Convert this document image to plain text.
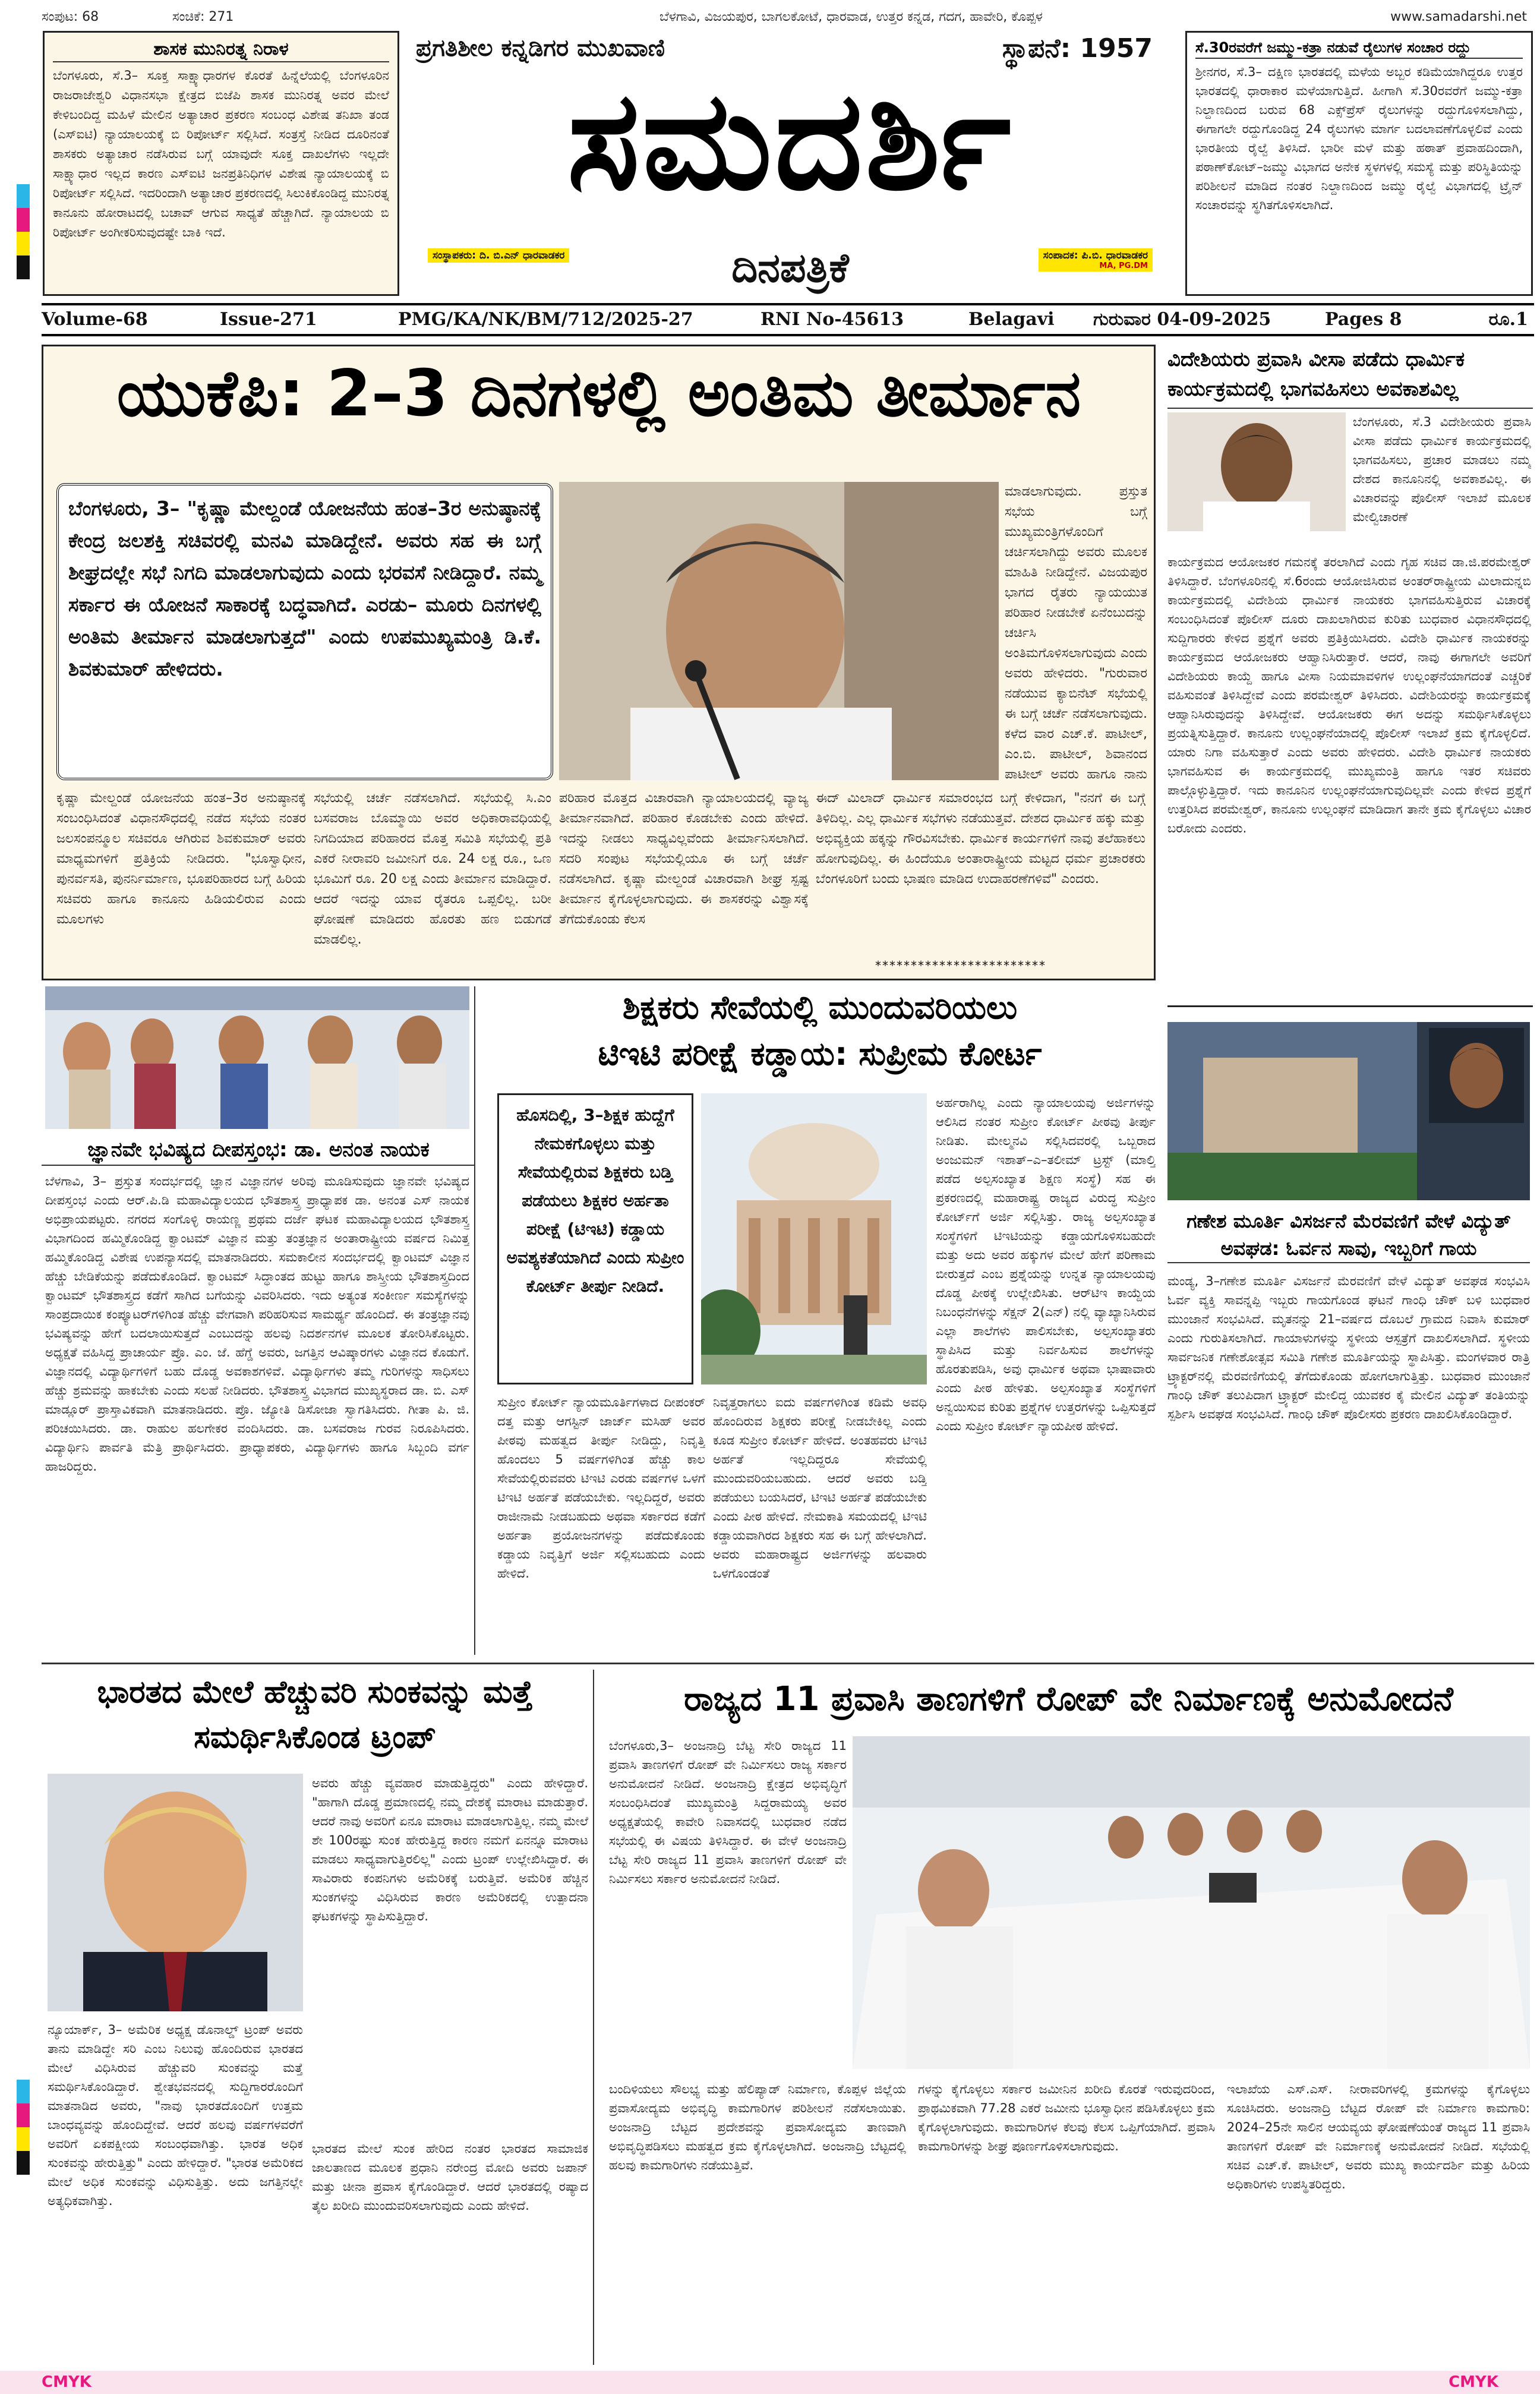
ಸಂಪುಟ: 68	ಸಂಚಿಕೆ: 271	ಬೆಳಗಾವಿ, ವಿಜಯಪುರ, ಬಾಗಲಕೋಟೆ, ಧಾರವಾಡ, ಉತ್ತರ ಕನ್ನಡ, ಗದಗ, ಹಾವೇರಿ, ಕೊಪ್ಪಳ	www.samadarshi.net
ಶಾಸಕ ಮುನಿರತ್ನ ನಿರಾಳ
ಬೆಂಗಳೂರು, ಸೆ.3– ಸೂಕ್ತ ಸಾಕ್ಷ್ಯಾಧಾರಗಳ ಕೊರತೆ ಹಿನ್ನೆಲೆಯಲ್ಲಿ ಬೆಂಗಳೂರಿನ ರಾಜರಾಜೇಶ್ವರಿ ವಿಧಾನಸಭಾ ಕ್ಷೇತ್ರದ ಬಿಜೆಪಿ ಶಾಸಕ ಮುನಿರತ್ನ ಅವರ ಮೇಲೆ ಕೇಳಿಬಂದಿದ್ದ ಮಹಿಳೆ ಮೇಲಿನ ಅತ್ಯಾಚಾರ ಪ್ರಕರಣ ಸಂಬಂಧ ವಿಶೇಷ ತನಿಖಾ ತಂಡ (ಎಸ್‌ಐಟಿ) ನ್ಯಾಯಾಲಯಕ್ಕೆ ಬಿ ರಿಪೋರ್ಟ್ ಸಲ್ಲಿಸಿದೆ. ಸಂತ್ರಸ್ತೆ ನೀಡಿದ ದೂರಿನಂತೆ ಶಾಸಕರು ಅತ್ಯಾಚಾರ ನಡೆಸಿರುವ ಬಗ್ಗೆ ಯಾವುದೇ ಸೂಕ್ತ ದಾಖಲೆಗಳು ಇಲ್ಲದೇ ಸಾಕ್ಷ್ಯಾಧಾರ ಇಲ್ಲದ ಕಾರಣ ಎಸ್‌ಐಟಿ ಜನಪ್ರತಿನಿಧಿಗಳ ವಿಶೇಷ ನ್ಯಾಯಾಲಯಕ್ಕೆ ಬಿ ರಿಪೋರ್ಟ್ ಸಲ್ಲಿಸಿದೆ. ಇದರಿಂದಾಗಿ ಅತ್ಯಾಚಾರ ಪ್ರಕರಣದಲ್ಲಿ ಸಿಲುಕಿಕೊಂಡಿದ್ದ ಮುನಿರತ್ನ ಕಾನೂನು ಹೋರಾಟದಲ್ಲಿ ಬಚಾವ್ ಆಗುವ ಸಾಧ್ಯತೆ ಹೆಚ್ಚಾಗಿದೆ. ನ್ಯಾಯಾಲಯ ಬಿ ರಿಪೋರ್ಟ್ ಅಂಗೀಕರಿಸುವುದಷ್ಟೇ ಬಾಕಿ ಇದೆ.
ಪ್ರಗತಿಶೀಲ ಕನ್ನಡಿಗರ ಮುಖವಾಣಿ	ಸ್ಥಾಪನೆ: 1957
ಸಮದರ್ಶಿ
ಸಂಸ್ಥಾಪಕರು: ದಿ. ಬಿ.ಎನ್ ಧಾರವಾಡಕರ	ದಿನಪತ್ರಿಕೆ	ಸಂಪಾದಕ: ಪಿ.ಬಿ. ಧಾರವಾಡಕರ
MA, PG.DM
ಸೆ.30ರವರೆಗೆ ಜಮ್ಮು-ಕತ್ರಾ ನಡುವೆ ರೈಲುಗಳ ಸಂಚಾರ ರದ್ದು
ಶ್ರೀನಗರ, ಸೆ.3– ದಕ್ಷಿಣ ಭಾರತದಲ್ಲಿ ಮಳೆಯ ಅಬ್ಬರ ಕಡಿಮೆಯಾಗಿದ್ದರೂ ಉತ್ತರ ಭಾರತದಲ್ಲಿ ಧಾರಾಕಾರ ಮಳೆಯಾಗುತ್ತಿದೆ. ಹೀಗಾಗಿ ಸೆ.30ರವರೆಗೆ ಜಮ್ಮು-ಕತ್ರಾ ನಿಲ್ದಾಣದಿಂದ ಬರುವ 68 ಎಕ್ಸ್‌ಪ್ರೆಸ್ ರೈಲುಗಳನ್ನು ರದ್ದುಗೊಳಿಸಲಾಗಿದ್ದು, ಈಗಾಗಲೇ ರದ್ದುಗೊಂಡಿದ್ದ 24 ರೈಲುಗಳು ಮಾರ್ಗ ಬದಲಾವಣೆಗೊಳ್ಳಲಿವೆ ಎಂದು ಭಾರತೀಯ ರೈಲ್ವೆ ತಿಳಿಸಿದೆ. ಭಾರೀ ಮಳೆ ಮತ್ತು ಹಠಾತ್ ಪ್ರವಾಹದಿಂದಾಗಿ, ಪಠಾಣ್‌ಕೋಟ್–ಜಮ್ಮು ವಿಭಾಗದ ಅನೇಕ ಸ್ಥಳಗಳಲ್ಲಿ ಸಮಸ್ಯೆ ಮತ್ತು ಪರಿಸ್ಥಿತಿಯನ್ನು ಪರಿಶೀಲನೆ ಮಾಡಿದ ನಂತರ ನಿಲ್ದಾಣದಿಂದ ಜಮ್ಮು ರೈಲ್ವೆ ವಿಭಾಗದಲ್ಲಿ ಟ್ರೈನ್ ಸಂಚಾರವನ್ನು ಸ್ಥಗಿತಗೊಳಿಸಲಾಗಿದೆ.
Volume-68	Issue-271	PMG/KA/NK/BM/712/2025-27	RNI No-45613	Belagavi ಗುರುವಾರ 04-09-2025	Pages 8	ರೂ.1
ಯುಕೆಪಿ: 2–3 ದಿನಗಳಲ್ಲಿ ಅಂತಿಮ ತೀರ್ಮಾನ
ಬೆಂಗಳೂರು, 3– "ಕೃಷ್ಣಾ ಮೇಲ್ದಂಡೆ ಯೋಜನೆಯ ಹಂತ–3ರ ಅನುಷ್ಠಾನಕ್ಕೆ ಕೇಂದ್ರ ಜಲಶಕ್ತಿ ಸಚಿವರಲ್ಲಿ ಮನವಿ ಮಾಡಿದ್ದೇನೆ. ಅವರು ಸಹ ಈ ಬಗ್ಗೆ ಶೀಘ್ರದಲ್ಲೇ ಸಭೆ ನಿಗದಿ ಮಾಡಲಾಗುವುದು ಎಂದು ಭರವಸೆ ನೀಡಿದ್ದಾರೆ. ನಮ್ಮ ಸರ್ಕಾರ ಈ ಯೋಜನೆ ಸಾಕಾರಕ್ಕೆ ಬದ್ಧವಾಗಿದೆ. ಎರಡು– ಮೂರು ದಿನಗಳಲ್ಲಿ ಅಂತಿಮ ತೀರ್ಮಾನ ಮಾಡಲಾಗುತ್ತದೆ" ಎಂದು ಉಪಮುಖ್ಯಮಂತ್ರಿ ಡಿ.ಕೆ. ಶಿವಕುಮಾರ್ ಹೇಳಿದರು.
ಮಾಡಲಾಗುವುದು. ಪ್ರಸ್ತುತ ಸಭೆಯ ಬಗ್ಗೆ ಮುಖ್ಯಮಂತ್ರಿಗಳೊಂದಿಗೆ ಚರ್ಚಿಸಲಾಗಿದ್ದು ಅವರು ಮೂಲಕ ಮಾಹಿತಿ ನೀಡಿದ್ದೇನೆ. ವಿಜಯಪುರ ಭಾಗದ ರೈತರು ನ್ಯಾಯಯುತ ಪರಿಹಾರ ನೀಡಬೇಕೆ ಏನೆಂಬುದನ್ನು ಚರ್ಚಿಸಿ ಅಂತಿಮಗೊಳಿಸಲಾಗುವುದು ಎಂದು ಅವರು ಹೇಳಿದರು. "ಗುರುವಾರ ನಡೆಯುವ ಕ್ಯಾಬಿನೆಟ್ ಸಭೆಯಲ್ಲಿ ಈ ಬಗ್ಗೆ ಚರ್ಚೆ ನಡೆಸಲಾಗುವುದು. ಕಳೆದ ವಾರ ಎಚ್.ಕೆ. ಪಾಟೀಲ್, ಎಂ.ಬಿ. ಪಾಟೀಲ್, ಶಿವಾನಂದ ಪಾಟೀಲ್ ಅವರು ಹಾಗೂ ನಾನು
ಕೃಷ್ಣಾ ಮೇಲ್ದಂಡೆ ಯೋಜನೆಯ ಹಂತ–3ರ ಅನುಷ್ಠಾನಕ್ಕೆ ಸಂಬಂಧಿಸಿದಂತೆ ವಿಧಾನಸೌಧದಲ್ಲಿ ನಡೆದ ಸಭೆಯ ನಂತರ ಜಲಸಂಪನ್ಮೂಲ ಸಚಿವರೂ ಆಗಿರುವ ಶಿವಕುಮಾರ್ ಅವರು ಮಾಧ್ಯಮಗಳಿಗೆ ಪ್ರತಿಕ್ರಿಯೆ ನೀಡಿದರು. "ಭೂಸ್ವಾಧೀನ, ಪುನರ್ವಸತಿ, ಪುನರ್ನಿರ್ಮಾಣ, ಭೂಪರಿಹಾರದ ಬಗ್ಗೆ ಹಿರಿಯ ಸಚಿವರು ಹಾಗೂ ಕಾನೂನು ಹಿಡಿಯಲಿರುವ ಎಂದು ಮೂಲಗಳು
ಸಭೆಯಲ್ಲಿ ಚರ್ಚೆ ನಡೆಸಲಾಗಿದೆ. ಸಭೆಯಲ್ಲಿ ಸಿ.ಎಂ ಬಸವರಾಜ ಬೊಮ್ಮಾಯಿ ಅವರ ಅಧಿಕಾರಾವಧಿಯಲ್ಲಿ ನಿಗದಿಯಾದ ಪರಿಹಾರದ ಮೊತ್ತ ಸಮಿತಿ ಸಭೆಯಲ್ಲಿ ಪ್ರತಿ ಎಕರೆ ನೀರಾವರಿ ಜಮೀನಿಗೆ ರೂ. 24 ಲಕ್ಷ ರೂ., ಒಣ ಭೂಮಿಗೆ ರೂ. 20 ಲಕ್ಷ ಎಂದು ತೀರ್ಮಾನ ಮಾಡಿದ್ದಾರೆ. ಆದರೆ ಇದನ್ನು ಯಾವ ರೈತರೂ ಒಪ್ಪಲಿಲ್ಲ. ಬರೀ ಘೋಷಣೆ ಮಾಡಿದರು ಹೊರತು ಹಣ ಬಿಡುಗಡೆ ಮಾಡಲಿಲ್ಲ.
ಪರಿಹಾರ ಮೊತ್ತದ ವಿಚಾರವಾಗಿ ನ್ಯಾಯಾಲಯದಲ್ಲಿ ವ್ಯಾಜ್ಯ ತೀರ್ಮಾನವಾಗಿದೆ. ಪರಿಹಾರ ಕೊಡಬೇಕು ಎಂದು ಹೇಳಿದೆ. ಇದನ್ನು ನೀಡಲು ಸಾಧ್ಯವಿಲ್ಲವೆಂದು ತೀರ್ಮಾನಿಸಲಾಗಿದೆ. ಸದರಿ ಸಂಪುಟ ಸಭೆಯಲ್ಲಿಯೂ ಈ ಬಗ್ಗೆ ಚರ್ಚೆ ನಡೆಸಲಾಗಿದೆ. ಕೃಷ್ಣಾ ಮೇಲ್ದಂಡೆ ವಿಚಾರವಾಗಿ ಶೀಘ್ರ ಸ್ಪಷ್ಟ ತೀರ್ಮಾನ ಕೈಗೊಳ್ಳಲಾಗುವುದು. ಈ ಶಾಸಕರನ್ನು ವಿಶ್ವಾಸಕ್ಕೆ ತೆಗೆದುಕೊಂಡು ಕೆಲಸ
ಈದ್ ಮಿಲಾದ್ ಧಾರ್ಮಿಕ ಸಮಾರಂಭದ ಬಗ್ಗೆ ಕೇಳಿದಾಗ, "ನನಗೆ ಈ ಬಗ್ಗೆ ತಿಳಿದಿಲ್ಲ. ಎಲ್ಲ ಧಾರ್ಮಿಕ ಸಭೆಗಳು ನಡೆಯುತ್ತವೆ. ದೇಶದ ಧಾರ್ಮಿಕ ಹಕ್ಕು ಮತ್ತು ಅಭಿವ್ಯಕ್ತಿಯ ಹಕ್ಕನ್ನು ಗೌರವಿಸಬೇಕು. ಧಾರ್ಮಿಕ ಕಾರ್ಯಗಳಿಗೆ ನಾವು ತಲೆಹಾಕಲು ಹೋಗುವುದಿಲ್ಲ. ಈ ಹಿಂದೆಯೂ ಅಂತಾರಾಷ್ಟ್ರೀಯ ಮಟ್ಟದ ಧರ್ಮ ಪ್ರಚಾರಕರು ಬೆಂಗಳೂರಿಗೆ ಬಂದು ಭಾಷಣ ಮಾಡಿದ ಉದಾಹರಣೆಗಳಿವೆ" ಎಂದರು.
************************
ವಿದೇಶಿಯರು ಪ್ರವಾಸಿ ವೀಸಾ ಪಡೆದು ಧಾರ್ಮಿಕ ಕಾರ್ಯಕ್ರಮದಲ್ಲಿ ಭಾಗವಹಿಸಲು ಅವಕಾಶವಿಲ್ಲ
ಬೆಂಗಳೂರು, ಸೆ.3 ವಿದೇಶೀಯರು ಪ್ರವಾಸಿ ವೀಸಾ ಪಡೆದು ಧಾರ್ಮಿಕ ಕಾರ್ಯಕ್ರಮದಲ್ಲಿ ಭಾಗವಹಿಸಲು, ಪ್ರಚಾರ ಮಾಡಲು ನಮ್ಮ ದೇಶದ ಕಾನೂನಿನಲ್ಲಿ ಅವಕಾಶವಿಲ್ಲ. ಈ ವಿಚಾರವನ್ನು ಪೊಲೀಸ್ ಇಲಾಖೆ ಮೂಲಕ ಮೇಲ್ವಿಚಾರಣೆ
ಕಾರ್ಯಕ್ರಮದ ಆಯೋಜಕರ ಗಮನಕ್ಕೆ ತರಲಾಗಿದೆ ಎಂದು ಗೃಹ ಸಚಿವ ಡಾ.ಜಿ.ಪರಮೇಶ್ವರ್ ತಿಳಿಸಿದ್ದಾರೆ. ಬೆಂಗಳೂರಿನಲ್ಲಿ ಸೆ.6ರಂದು ಆಯೋಜಿಸಿರುವ ಅಂತರ್‌ರಾಷ್ಟ್ರೀಯ ಮಿಲಾದುನ್ನಬಿ ಕಾರ್ಯಕ್ರಮದಲ್ಲಿ ವಿದೇಶಿಯ ಧಾರ್ಮಿಕ ನಾಯಕರು ಭಾಗವಹಿಸುತ್ತಿರುವ ವಿಚಾರಕ್ಕೆ ಸಂಬಂಧಿಸಿದಂತೆ ಪೊಲೀಸ್ ದೂರು ದಾಖಲಾಗಿರುವ ಕುರಿತು ಬುಧವಾರ ವಿಧಾನಸೌಧದಲ್ಲಿ ಸುದ್ದಿಗಾರರು ಕೇಳಿದ ಪ್ರಶ್ನೆಗೆ ಅವರು ಪ್ರತಿಕ್ರಿಯಿಸಿದರು. ವಿದೇಶಿ ಧಾರ್ಮಿಕ ನಾಯಕರನ್ನು ಕಾರ್ಯಕ್ರಮದ ಆಯೋಜಕರು ಆಹ್ವಾನಿಸಿರುತ್ತಾರೆ. ಆದರೆ, ನಾವು ಈಗಾಗಲೇ ಅವರಿಗೆ ವಿದೇಶಿಯರು ಕಾಯ್ದೆ ಹಾಗೂ ವೀಸಾ ನಿಯಮಾವಳಿಗಳ ಉಲ್ಲಂಘನೆಯಾಗದಂತೆ ಎಚ್ಚರಿಕೆ ವಹಿಸುವಂತೆ ತಿಳಿಸಿದ್ದೇವೆ ಎಂದು ಪರಮೇಶ್ವರ್ ತಿಳಿಸಿದರು. ವಿದೇಶಿಯರನ್ನು ಕಾರ್ಯಕ್ರಮಕ್ಕೆ ಆಹ್ವಾನಿಸಿರುವುದನ್ನು ತಿಳಿಸಿದ್ದೇವೆ. ಆಯೋಜಕರು ಈಗ ಅದನ್ನು ಸಮರ್ಥಿಸಿಕೊಳ್ಳಲು ಪ್ರಯತ್ನಿಸುತ್ತಿದ್ದಾರೆ. ಕಾನೂನು ಉಲ್ಲಂಘನೆಯಾದಲ್ಲಿ ಪೊಲೀಸ್ ಇಲಾಖೆ ಕ್ರಮ ಕೈಗೊಳ್ಳಲಿದೆ. ಯಾರು ನಿಗಾ ವಹಿಸುತ್ತಾರೆ ಎಂದು ಅವರು ಹೇಳಿದರು. ವಿದೇಶಿ ಧಾರ್ಮಿಕ ನಾಯಕರು ಭಾಗವಹಿಸುವ ಈ ಕಾರ್ಯಕ್ರಮದಲ್ಲಿ ಮುಖ್ಯಮಂತ್ರಿ ಹಾಗೂ ಇತರ ಸಚಿವರು ಪಾಲ್ಗೊಳ್ಳುತ್ತಿದ್ದಾರೆ. ಇದು ಕಾನೂನಿನ ಉಲ್ಲಂಘನೆಯಾಗುವುದಿಲ್ಲವೇ ಎಂದು ಕೇಳಿದ ಪ್ರಶ್ನೆಗೆ ಉತ್ತರಿಸಿದ ಪರಮೇಶ್ವರ್, ಕಾನೂನು ಉಲ್ಲಂಘನೆ ಮಾಡಿದಾಗ ತಾನೇ ಕ್ರಮ ಕೈಗೊಳ್ಳಲು ವಿಚಾರ ಬರೋದು ಎಂದರು.
ಜ್ಞಾನವೇ ಭವಿಷ್ಯದ ದೀಪಸ್ತಂಭ: ಡಾ. ಅನಂತ ನಾಯಕ
ಬೆಳಗಾವಿ, 3– ಪ್ರಸ್ತುತ ಸಂದರ್ಭದಲ್ಲಿ ಜ್ಞಾನ ವಿಜ್ಞಾನಗಳ ಅರಿವು ಮೂಡಿಸುವುದು ಜ್ಞಾನವೇ ಭವಿಷ್ಯದ ದೀಪಸ್ತಂಭ ಎಂದು ಆರ್.ಪಿ.ಡಿ ಮಹಾವಿದ್ಯಾಲಯದ ಭೌತಶಾಸ್ತ್ರ ಪ್ರಾಧ್ಯಾಪಕ ಡಾ. ಅನಂತ ಎಸ್ ನಾಯಕ ಅಭಿಪ್ರಾಯಪಟ್ಟರು. ನಗರದ ಸಂಗೊಳ್ಳಿ ರಾಯಣ್ಣ ಪ್ರಥಮ ದರ್ಜೆ ಘಟಕ ಮಹಾವಿದ್ಯಾಲಯದ ಭೌತಶಾಸ್ತ್ರ ವಿಭಾಗದಿಂದ ಹಮ್ಮಿಕೊಂಡಿದ್ದ ಕ್ವಾಂಟಮ್ ವಿಜ್ಞಾನ ಮತ್ತು ತಂತ್ರಜ್ಞಾನ ಅಂತಾರಾಷ್ಟ್ರೀಯ ವರ್ಷದ ನಿಮಿತ್ತ ಹಮ್ಮಿಕೊಂಡಿದ್ದ ವಿಶೇಷ ಉಪನ್ಯಾಸದಲ್ಲಿ ಮಾತನಾಡಿದರು. ಸಮಕಾಲೀನ ಸಂದರ್ಭದಲ್ಲಿ ಕ್ವಾಂಟಮ್ ವಿಜ್ಞಾನ ಹೆಚ್ಚು ಬೇಡಿಕೆಯನ್ನು ಪಡೆದುಕೊಂಡಿದೆ. ಕ್ವಾಂಟಮ್ ಸಿದ್ಧಾಂತದ ಹುಟ್ಟು ಹಾಗೂ ಶಾಸ್ತ್ರೀಯ ಭೌತಶಾಸ್ತ್ರದಿಂದ ಕ್ವಾಂಟಮ್ ಭೌತಶಾಸ್ತ್ರದ ಕಡೆಗೆ ಸಾಗಿದ ಬಗೆಯನ್ನು ವಿವರಿಸಿದರು. ಇದು ಅತ್ಯಂತ ಸಂಕೀರ್ಣ ಸಮಸ್ಯೆಗಳನ್ನು ಸಾಂಪ್ರದಾಯಿಕ ಕಂಪ್ಯೂಟರ್‌ಗಳಿಗಿಂತ ಹೆಚ್ಚು ವೇಗವಾಗಿ ಪರಿಹರಿಸುವ ಸಾಮರ್ಥ್ಯ ಹೊಂದಿದೆ. ಈ ತಂತ್ರಜ್ಞಾನವು ಭವಿಷ್ಯವನ್ನು ಹೇಗೆ ಬದಲಾಯಿಸುತ್ತದೆ ಎಂಬುದನ್ನು ಹಲವು ನಿದರ್ಶನಗಳ ಮೂಲಕ ತೋರಿಸಿಕೊಟ್ಟರು. ಅಧ್ಯಕ್ಷತೆ ವಹಿಸಿದ್ದ ಪ್ರಾಚಾರ್ಯ ಪ್ರೊ. ಎಂ. ಜೆ. ಹೆಗ್ಡೆ ಅವರು, ಜಗತ್ತಿನ ಆವಿಷ್ಕಾರಗಳು ವಿಜ್ಞಾನದ ಕೊಡುಗೆ. ವಿಜ್ಞಾನದಲ್ಲಿ ವಿದ್ಯಾರ್ಥಿಗಳಿಗೆ ಬಹು ದೊಡ್ಡ ಅವಕಾಶಗಳಿವೆ. ವಿದ್ಯಾರ್ಥಿಗಳು ತಮ್ಮ ಗುರಿಗಳನ್ನು ಸಾಧಿಸಲು ಹೆಚ್ಚು ಶ್ರಮವನ್ನು ಹಾಕಬೇಕು ಎಂದು ಸಲಹೆ ನೀಡಿದರು. ಭೌತಶಾಸ್ತ್ರ ವಿಭಾಗದ ಮುಖ್ಯಸ್ಥರಾದ ಡಾ. ಬಿ. ಎಸ್ ಮಾಡ್ಲೂರ್ ಪ್ರಾಸ್ತಾವಿಕವಾಗಿ ಮಾತನಾಡಿದರು. ಪ್ರೊ. ಜ್ಯೋತಿ ಡಿಸೋಜಾ ಸ್ವಾಗತಿಸಿದರು. ಗೀತಾ ಪಿ. ಜಿ. ಪರಿಚಯಿಸಿದರು. ಡಾ. ರಾಹುಲ ಹಲಗೇಕರ ವಂದಿಸಿದರು. ಡಾ. ಬಸವರಾಜ ಗುರವ ನಿರೂಪಿಸಿದರು. ವಿದ್ಯಾರ್ಥಿನಿ ಪಾರ್ವತಿ ಮೆತ್ರಿ ಪ್ರಾರ್ಥಿಸಿದರು. ಪ್ರಾಧ್ಯಾಪಕರು, ವಿದ್ಯಾರ್ಥಿಗಳು ಹಾಗೂ ಸಿಬ್ಬಂದಿ ವರ್ಗ ಹಾಜರಿದ್ದರು.
ಶಿಕ್ಷಕರು ಸೇವೆಯಲ್ಲಿ ಮುಂದುವರಿಯಲು
ಟಿಇಟಿ ಪರೀಕ್ಷೆ ಕಡ್ಡಾಯ: ಸುಪ್ರೀಮ ಕೋರ್ಟ
ಹೊಸದಿಲ್ಲಿ, 3–ಶಿಕ್ಷಕ ಹುದ್ದೆಗೆ ನೇಮಕಗೊಳ್ಳಲು ಮತ್ತು ಸೇವೆಯಲ್ಲಿರುವ ಶಿಕ್ಷಕರು ಬಡ್ತಿ ಪಡೆಯಲು ಶಿಕ್ಷಕರ ಅರ್ಹತಾ ಪರೀಕ್ಷೆ (ಟಿಇಟಿ) ಕಡ್ಡಾಯ ಅವಶ್ಯಕತೆಯಾಗಿದೆ ಎಂದು ಸುಪ್ರೀಂ ಕೋರ್ಟ್ ತೀರ್ಪು ನೀಡಿದೆ.
ಅರ್ಹರಾಗಿಲ್ಲ ಎಂದು ನ್ಯಾಯಾಲಯವು ಅರ್ಜಿಗಳನ್ನು ಆಲಿಸಿದ ನಂತರ ಸುಪ್ರೀಂ ಕೋರ್ಟ್ ಪೀಠವು ತೀರ್ಪು ನೀಡಿತು. ಮೇಲ್ಮನವಿ ಸಲ್ಲಿಸಿದವರಲ್ಲಿ ಒಬ್ಬರಾದ ಅಂಜುಮನ್ ಇಶಾತ್–ಎ–ತಲೀಮ್ ಟ್ರಸ್ಟ್ (ಮಾಲ್ತಿ ಪಡೆದ ಅಲ್ಪಸಂಖ್ಯಾತ ಶಿಕ್ಷಣ ಸಂಸ್ಥೆ) ಸಹ ಈ ಪ್ರಕರಣದಲ್ಲಿ ಮಹಾರಾಷ್ಟ್ರ ರಾಜ್ಯದ ವಿರುದ್ಧ ಸುಪ್ರೀಂ ಕೋರ್ಟ್‌ಗೆ ಅರ್ಜಿ ಸಲ್ಲಿಸಿತ್ತು. ರಾಜ್ಯ ಅಲ್ಪಸಂಖ್ಯಾತ ಸಂಸ್ಥೆಗಳಿಗೆ ಟಿಇಟಿಯನ್ನು ಕಡ್ಡಾಯಗೊಳಿಸಬಹುದೇ ಮತ್ತು ಅದು ಅವರ ಹಕ್ಕುಗಳ ಮೇಲೆ ಹೇಗೆ ಪರಿಣಾಮ ಬೀರುತ್ತದೆ ಎಂಬ ಪ್ರಶ್ನೆಯನ್ನು ಉನ್ನತ ನ್ಯಾಯಾಲಯವು ದೊಡ್ಡ ಪೀಠಕ್ಕೆ ಉಲ್ಲೇಖಿಸಿತು. ಆರ್‌ಟಿಇ ಕಾಯ್ದೆಯ ನಿಬಂಧನೆಗಳನ್ನು ಸೆಕ್ಷನ್ 2(ಎನ್) ನಲ್ಲಿ ವ್ಯಾಖ್ಯಾನಿಸಿರುವ ಎಲ್ಲಾ ಶಾಲೆಗಳು ಪಾಲಿಸಬೇಕು, ಅಲ್ಪಸಂಖ್ಯಾತರು ಸ್ಥಾಪಿಸಿದ ಮತ್ತು ನಿರ್ವಹಿಸುವ ಶಾಲೆಗಳನ್ನು ಹೊರತುಪಡಿಸಿ, ಅವು ಧಾರ್ಮಿಕ ಅಥವಾ ಭಾಷಾವಾರು ಎಂದು ಪೀಠ ಹೇಳಿತು. ಅಲ್ಪಸಂಖ್ಯಾತ ಸಂಸ್ಥೆಗಳಿಗೆ ಅನ್ವಯಿಸುವ ಕುರಿತು ಪ್ರಶ್ನೆಗಳ ಉತ್ತರಗಳನ್ನು ಒಪ್ಪಿಸುತ್ತದೆ ಎಂದು ಸುಪ್ರೀಂ ಕೋರ್ಟ್ ನ್ಯಾಯಪೀಠ ಹೇಳಿದೆ.
ಸುಪ್ರೀಂ ಕೋರ್ಟ್ ನ್ಯಾಯಮೂರ್ತಿಗಳಾದ ದೀಪಂಕರ್ ದತ್ತ ಮತ್ತು ಆಗಸ್ಟಿನ್ ಜಾರ್ಜ್ ಮಸಿಹ್ ಅವರ ಪೀಠವು ಮಹತ್ವದ ತೀರ್ಪು ನೀಡಿದ್ದು, ನಿವೃತ್ತಿ ಹೊಂದಲು 5 ವರ್ಷಗಳಿಗಿಂತ ಹೆಚ್ಚು ಕಾಲ ಸೇವೆಯಲ್ಲಿರುವವರು ಟಿಇಟಿ ಎರಡು ವರ್ಷಗಳ ಒಳಗೆ ಟಿಇಟಿ ಅರ್ಹತೆ ಪಡೆಯಬೇಕು. ಇಲ್ಲದಿದ್ದರೆ, ಅವರು ರಾಜೀನಾಮೆ ನೀಡಬಹುದು ಅಥವಾ ಸರ್ಕಾರದ ಕಡೆಗೆ ಅರ್ಹತಾ ಪ್ರಯೋಜನಗಳನ್ನು ಪಡೆದುಕೊಂಡು ಕಡ್ಡಾಯ ನಿವೃತ್ತಿಗೆ ಅರ್ಜಿ ಸಲ್ಲಿಸಬಹುದು ಎಂದು ಹೇಳಿದೆ.
ನಿವೃತ್ತರಾಗಲು ಐದು ವರ್ಷಗಳಿಗಿಂತ ಕಡಿಮೆ ಅವಧಿ ಹೊಂದಿರುವ ಶಿಕ್ಷಕರು ಪರೀಕ್ಷೆ ನೀಡಬೇಕಿಲ್ಲ ಎಂದು ಕೂಡ ಸುಪ್ರೀಂ ಕೋರ್ಟ್ ಹೇಳಿದೆ. ಅಂತಹವರು ಟಿಇಟಿ ಅರ್ಹತೆ ಇಲ್ಲದಿದ್ದರೂ ಸೇವೆಯಲ್ಲಿ ಮುಂದುವರಿಯಬಹುದು. ಆದರೆ ಅವರು ಬಡ್ತಿ ಪಡೆಯಲು ಬಯಸಿದರೆ, ಟಿಇಟಿ ಅರ್ಹತೆ ಪಡೆಯಬೇಕು ಎಂದು ಪೀಠ ಹೇಳಿದೆ. ನೇಮಕಾತಿ ಸಮಯದಲ್ಲಿ ಟಿಇಟಿ ಕಡ್ಡಾಯವಾಗಿರದ ಶಿಕ್ಷಕರು ಸಹ ಈ ಬಗ್ಗೆ ಹೇಳಲಾಗಿದೆ. ಅವರು ಮಹಾರಾಷ್ಟ್ರದ ಅರ್ಜಿಗಳನ್ನು ಹಲವಾರು ಒಳಗೊಂಡಂತೆ
ಗಣೇಶ ಮೂರ್ತಿ ವಿಸರ್ಜನೆ ಮೆರವಣಿಗೆ ವೇಳೆ ವಿದ್ಯುತ್ ಅವಘಡ: ಓರ್ವನ ಸಾವು, ಇಬ್ಬರಿಗೆ ಗಾಯ
ಮಂಡ್ಯ, 3–ಗಣೇಶ ಮೂರ್ತಿ ವಿಸರ್ಜನೆ ಮೆರವಣಿಗೆ ವೇಳೆ ವಿದ್ಯುತ್ ಅವಘಡ ಸಂಭವಿಸಿ ಓರ್ವ ವ್ಯಕ್ತಿ ಸಾವನ್ನಪ್ಪಿ ಇಬ್ಬರು ಗಾಯಗೊಂಡ ಘಟನೆ ಗಾಂಧಿ ಚೌಕ್ ಬಳಿ ಬುಧವಾರ ಮುಂಜಾನೆ ಸಂಭವಿಸಿದೆ. ಮೃತನನ್ನು 21–ವರ್ಷದ ದೊಬಲೆ ಗ್ರಾಮದ ನಿವಾಸಿ ಕುಮಾರ್ ಎಂದು ಗುರುತಿಸಲಾಗಿದೆ. ಗಾಯಾಳುಗಳನ್ನು ಸ್ಥಳೀಯ ಆಸ್ಪತ್ರೆಗೆ ದಾಖಲಿಸಲಾಗಿದೆ. ಸ್ಥಳೀಯ ಸಾರ್ವಜನಿಕ ಗಣೇಶೋತ್ಸವ ಸಮಿತಿ ಗಣೇಶ ಮೂರ್ತಿಯನ್ನು ಸ್ಥಾಪಿಸಿತ್ತು. ಮಂಗಳವಾರ ರಾತ್ರಿ ಟ್ರ್ಯಾಕ್ಟರ್‌ನಲ್ಲಿ ಮೆರವಣಿಗೆಯಲ್ಲಿ ತೆಗೆದುಕೊಂಡು ಹೋಗಲಾಗುತ್ತಿತ್ತು. ಬುಧವಾರ ಮುಂಜಾನೆ ಗಾಂಧಿ ಚೌಕ್ ತಲುಪಿದಾಗ ಟ್ರ್ಯಾಕ್ಟರ್ ಮೇಲಿದ್ದ ಯುವಕರ ಕೈ ಮೇಲಿನ ವಿದ್ಯುತ್ ತಂತಿಯನ್ನು ಸ್ಪರ್ಶಿಸಿ ಅವಘಡ ಸಂಭವಿಸಿದೆ. ಗಾಂಧಿ ಚೌಕ್ ಪೊಲೀಸರು ಪ್ರಕರಣ ದಾಖಲಿಸಿಕೊಂಡಿದ್ದಾರೆ.
ಭಾರತದ ಮೇಲೆ ಹೆಚ್ಚುವರಿ ಸುಂಕವನ್ನು ಮತ್ತೆ ಸಮರ್ಥಿಸಿಕೊಂಡ ಟ್ರಂಪ್
ಅವರು ಹೆಚ್ಚು ವ್ಯವಹಾರ ಮಾಡುತ್ತಿದ್ದರು" ಎಂದು ಹೇಳಿದ್ದಾರೆ. "ಹಾಗಾಗಿ ದೊಡ್ಡ ಪ್ರಮಾಣದಲ್ಲಿ ನಮ್ಮ ದೇಶಕ್ಕೆ ಮಾರಾಟ ಮಾಡುತ್ತಾರೆ. ಆದರೆ ನಾವು ಅವರಿಗೆ ಏನೂ ಮಾರಾಟ ಮಾಡಲಾಗುತ್ತಿಲ್ಲ. ನಮ್ಮ ಮೇಲೆ ಶೇ 100ರಷ್ಟು ಸುಂಕ ಹೇರುತ್ತಿದ್ದ ಕಾರಣ ನಮಗೆ ಏನನ್ನೂ ಮಾರಾಟ ಮಾಡಲು ಸಾಧ್ಯವಾಗುತ್ತಿರಲಿಲ್ಲ" ಎಂದು ಟ್ರಂಪ್ ಉಲ್ಲೇಖಿಸಿದ್ದಾರೆ. ಈ ಸಾವಿರಾರು ಕಂಪನಿಗಳು ಅಮೆರಿಕಕ್ಕೆ ಬರುತ್ತಿವೆ. ಅಮೆರಿಕ ಹೆಚ್ಚಿನ ಸುಂಕಗಳನ್ನು ವಿಧಿಸಿರುವ ಕಾರಣ ಅಮೆರಿಕದಲ್ಲಿ ಉತ್ಪಾದನಾ ಘಟಕಗಳನ್ನು ಸ್ಥಾಪಿಸುತ್ತಿದ್ದಾರೆ.
ನ್ಯೂಯಾರ್ಕ್, 3– ಅಮೆರಿಕ ಅಧ್ಯಕ್ಷ ಡೊನಾಲ್ಡ್ ಟ್ರಂಪ್ ಅವರು ತಾನು ಮಾಡಿದ್ದೇ ಸರಿ ಎಂಬ ನಿಲುವು ಹೊಂದಿರುವ ಭಾರತದ ಮೇಲೆ ವಿಧಿಸಿರುವ ಹೆಚ್ಚುವರಿ ಸುಂಕವನ್ನು ಮತ್ತೆ ಸಮರ್ಥಿಸಿಕೊಂಡಿದ್ದಾರೆ. ಶ್ವೇತಭವನದಲ್ಲಿ ಸುದ್ದಿಗಾರರೊಂದಿಗೆ ಮಾತನಾಡಿದ ಅವರು, "ನಾವು ಭಾರತದೊಂದಿಗೆ ಉತ್ತಮ ಬಾಂಧವ್ಯವನ್ನು ಹೊಂದಿದ್ದೇವೆ. ಆದರೆ ಹಲವು ವರ್ಷಗಳವರೆಗೆ ಅವರಿಗೆ ಏಕಪಕ್ಷೀಯ ಸಂಬಂಧವಾಗಿತ್ತು. ಭಾರತ ಅಧಿಕ ಸುಂಕವನ್ನು ಹೇರುತ್ತಿತ್ತು" ಎಂದು ಹೇಳಿದ್ದಾರೆ. "ಭಾರತ ಅಮೆರಿಕದ ಮೇಲೆ ಅಧಿಕ ಸುಂಕವನ್ನು ವಿಧಿಸುತ್ತಿತ್ತು. ಅದು ಜಗತ್ತಿನಲ್ಲೇ ಅತ್ಯಧಿಕವಾಗಿತ್ತು.
ಭಾರತದ ಮೇಲೆ ಸುಂಕ ಹೇರಿದ ನಂತರ ಭಾರತದ ಸಾಮಾಜಿಕ ಜಾಲತಾಣದ ಮೂಲಕ ಪ್ರಧಾನಿ ನರೇಂದ್ರ ಮೋದಿ ಅವರು ಜಪಾನ್ ಮತ್ತು ಚೀನಾ ಪ್ರವಾಸ ಕೈಗೊಂಡಿದ್ದಾರೆ. ಆದರೆ ಭಾರತದಲ್ಲಿ ರಷ್ಯಾದ ತೈಲ ಖರೀದಿ ಮುಂದುವರಿಸಲಾಗುವುದು ಎಂದು ಹೇಳಿದೆ.
ರಾಜ್ಯದ 11 ಪ್ರವಾಸಿ ತಾಣಗಳಿಗೆ ರೋಪ್ ವೇ ನಿರ್ಮಾಣಕ್ಕೆ ಅನುಮೋದನೆ
ಬೆಂಗಳೂರು,3– ಅಂಜನಾದ್ರಿ ಬೆಟ್ಟ ಸೇರಿ ರಾಜ್ಯದ 11 ಪ್ರವಾಸಿ ತಾಣಗಳಿಗೆ ರೋಪ್ ವೇ ನಿರ್ಮಿಸಲು ರಾಜ್ಯ ಸರ್ಕಾರ ಅನುಮೋದನೆ ನೀಡಿದೆ. ಅಂಜನಾದ್ರಿ ಕ್ಷೇತ್ರದ ಅಭಿವೃದ್ಧಿಗೆ ಸಂಬಂಧಿಸಿದಂತೆ ಮುಖ್ಯಮಂತ್ರಿ ಸಿದ್ದರಾಮಯ್ಯ ಅವರ ಅಧ್ಯಕ್ಷತೆಯಲ್ಲಿ ಕಾವೇರಿ ನಿವಾಸದಲ್ಲಿ ಬುಧವಾರ ನಡೆದ ಸಭೆಯಲ್ಲಿ ಈ ವಿಷಯ ತಿಳಿಸಿದ್ದಾರೆ. ಈ ವೇಳೆ ಅಂಜನಾದ್ರಿ ಬೆಟ್ಟ ಸೇರಿ ರಾಜ್ಯದ 11 ಪ್ರವಾಸಿ ತಾಣಗಳಿಗೆ ರೋಪ್ ವೇ ನಿರ್ಮಿಸಲು ಸರ್ಕಾರ ಅನುಮೋದನೆ ನೀಡಿದೆ.
ಬಂದಿಳಿಯಲು ಸೌಲಭ್ಯ ಮತ್ತು ಹೆಲಿಪ್ಯಾಡ್ ನಿರ್ಮಾಣ, ಕೊಪ್ಪಳ ಜಿಲ್ಲೆಯ ಪ್ರವಾಸೋದ್ಯಮ ಅಭಿವೃದ್ಧಿ ಕಾಮಗಾರಿಗಳ ಪರಿಶೀಲನೆ ನಡೆಸಲಾಯಿತು. ಅಂಜನಾದ್ರಿ ಬೆಟ್ಟದ ಪ್ರದೇಶವನ್ನು ಪ್ರವಾಸೋದ್ಯಮ ತಾಣವಾಗಿ ಅಭಿವೃದ್ಧಿಪಡಿಸಲು ಮಹತ್ವದ ಕ್ರಮ ಕೈಗೊಳ್ಳಲಾಗಿದೆ. ಅಂಜನಾದ್ರಿ ಬೆಟ್ಟದಲ್ಲಿ ಹಲವು ಕಾಮಗಾರಿಗಳು ನಡೆಯುತ್ತಿವೆ.
ಗಳನ್ನು ಕೈಗೊಳ್ಳಲು ಸರ್ಕಾರ ಜಮೀನಿನ ಖರೀದಿ ಕೊರತೆ ಇರುವುದರಿಂದ, ಪ್ರಾಥಮಿಕವಾಗಿ 77.28 ಎಕರೆ ಜಮೀನು ಭೂಸ್ವಾಧೀನ ಪಡಿಸಿಕೊಳ್ಳಲು ಕ್ರಮ ಕೈಗೊಳ್ಳಲಾಗುವುದು. ಕಾಮಗಾರಿಗಳ ಕೆಲವು ಕೆಲಸ ಒಪ್ಪಿಗೆಯಾಗಿದೆ. ಪ್ರವಾಸಿ ಕಾಮಗಾರಿಗಳನ್ನು ಶೀಘ್ರ ಪೂರ್ಣಗೊಳಿಸಲಾಗುವುದು.
ಇಲಾಖೆಯ ಎಸ್.ಎಸ್. ನೀರಾವರಿಗಳಲ್ಲಿ ಕ್ರಮಗಳನ್ನು ಕೈಗೊಳ್ಳಲು ಸೂಚಿಸಿದರು. ಅಂಜನಾದ್ರಿ ಬೆಟ್ಟದ ರೋಪ್ ವೇ ನಿರ್ಮಾಣ ಕಾಮಗಾರಿ: 2024–25ನೇ ಸಾಲಿನ ಆಯವ್ಯಯ ಘೋಷಣೆಯಂತೆ ರಾಜ್ಯದ 11 ಪ್ರವಾಸಿ ತಾಣಗಳಿಗೆ ರೋಪ್ ವೇ ನಿರ್ಮಾಣಕ್ಕೆ ಅನುಮೋದನೆ ನೀಡಿದೆ. ಸಭೆಯಲ್ಲಿ ಸಚಿವ ಎಚ್.ಕೆ. ಪಾಟೀಲ್, ಅವರು ಮುಖ್ಯ ಕಾರ್ಯದರ್ಶಿ ಮತ್ತು ಹಿರಿಯ ಅಧಿಕಾರಿಗಳು ಉಪಸ್ಥಿತರಿದ್ದರು.
CMYK	CMYK
